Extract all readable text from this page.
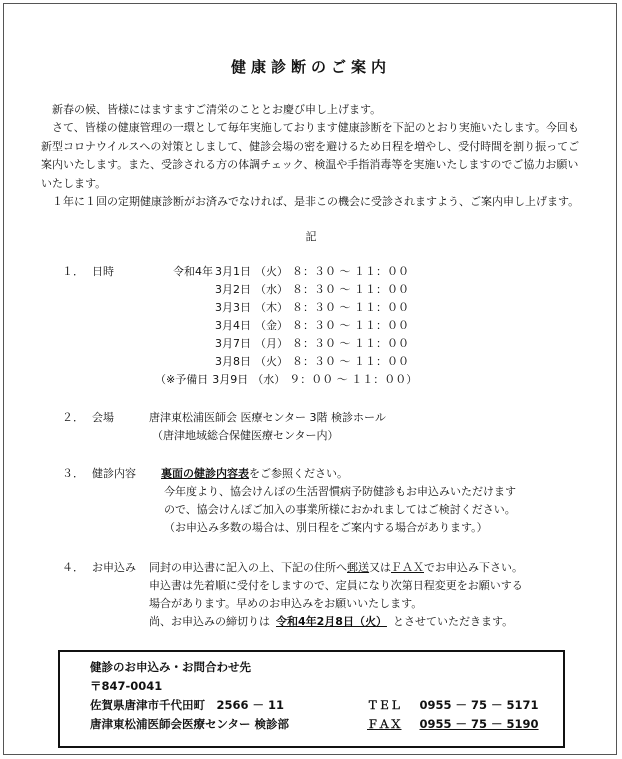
健康診断のご案内

新春の候、皆様にはますますご清栄のこととお慶び申し上げます。

さて、皆様の健康管理の一環として毎年実施しております健康診断を下記のとおり実施いたします。今回も新型コロナウイルスへの対策としまして、健診会場の密を避けるため日程を増やし、受付時間を割り振ってご案内いたします。また、受診される方の体調チェック、検温や手指消毒等を実施いたしますのでご協力お願いいたします。

１年に１回の定期健康診断がお済みでなければ、是非この機会に受診されますよう、ご案内申し上げます。

記
１． 日時	令和4年 3月1日 （火） ８：３０ ～ １１：００
3月2日 （水） ８：３０ ～ １１：００
3月3日 （木） ８：３０ ～ １１：００
3月4日 （金） ８：３０ ～ １１：００
3月7日 （月） ８：３０ ～ １１：００
3月8日 （火） ８：３０ ～ １１：００
（※予備日 3月9日 （水） ９：００ ～ １１：００）
２． 会場	唐津東松浦医師会 医療センター 3階 検診ホール
（唐津地域総合保健医療センター内）
３． 健診内容 裏面の健診内容表をご参照ください。
今年度より、協会けんぽの生活習慣病予防健診もお申込みいただけます
ので、協会けんぽご加入の事業所様におかれましてはご検討ください。
（お申込み多数の場合は、別日程をご案内する場合があります。）
４． お申込み 同封の申込書に記入の上、下記の住所へ郵送又はＦＡＸでお申込み下さい。
申込書は先着順に受付をしますので、定員になり次第日程変更をお願いする
場合があります。早めのお申込みをお願いいたします。
尚、お申込みの締切りは 令和4年2月8日（火） とさせていただきます。
健診のお申込み・お問合わせ先
〒847-0041
佐賀県唐津市千代田町　2566 － 11
唐津東松浦医師会医療センター 検診部
ＴＥＬ 0955 － 75 － 5171
ＦＡＸ 0955 － 75 － 5190
